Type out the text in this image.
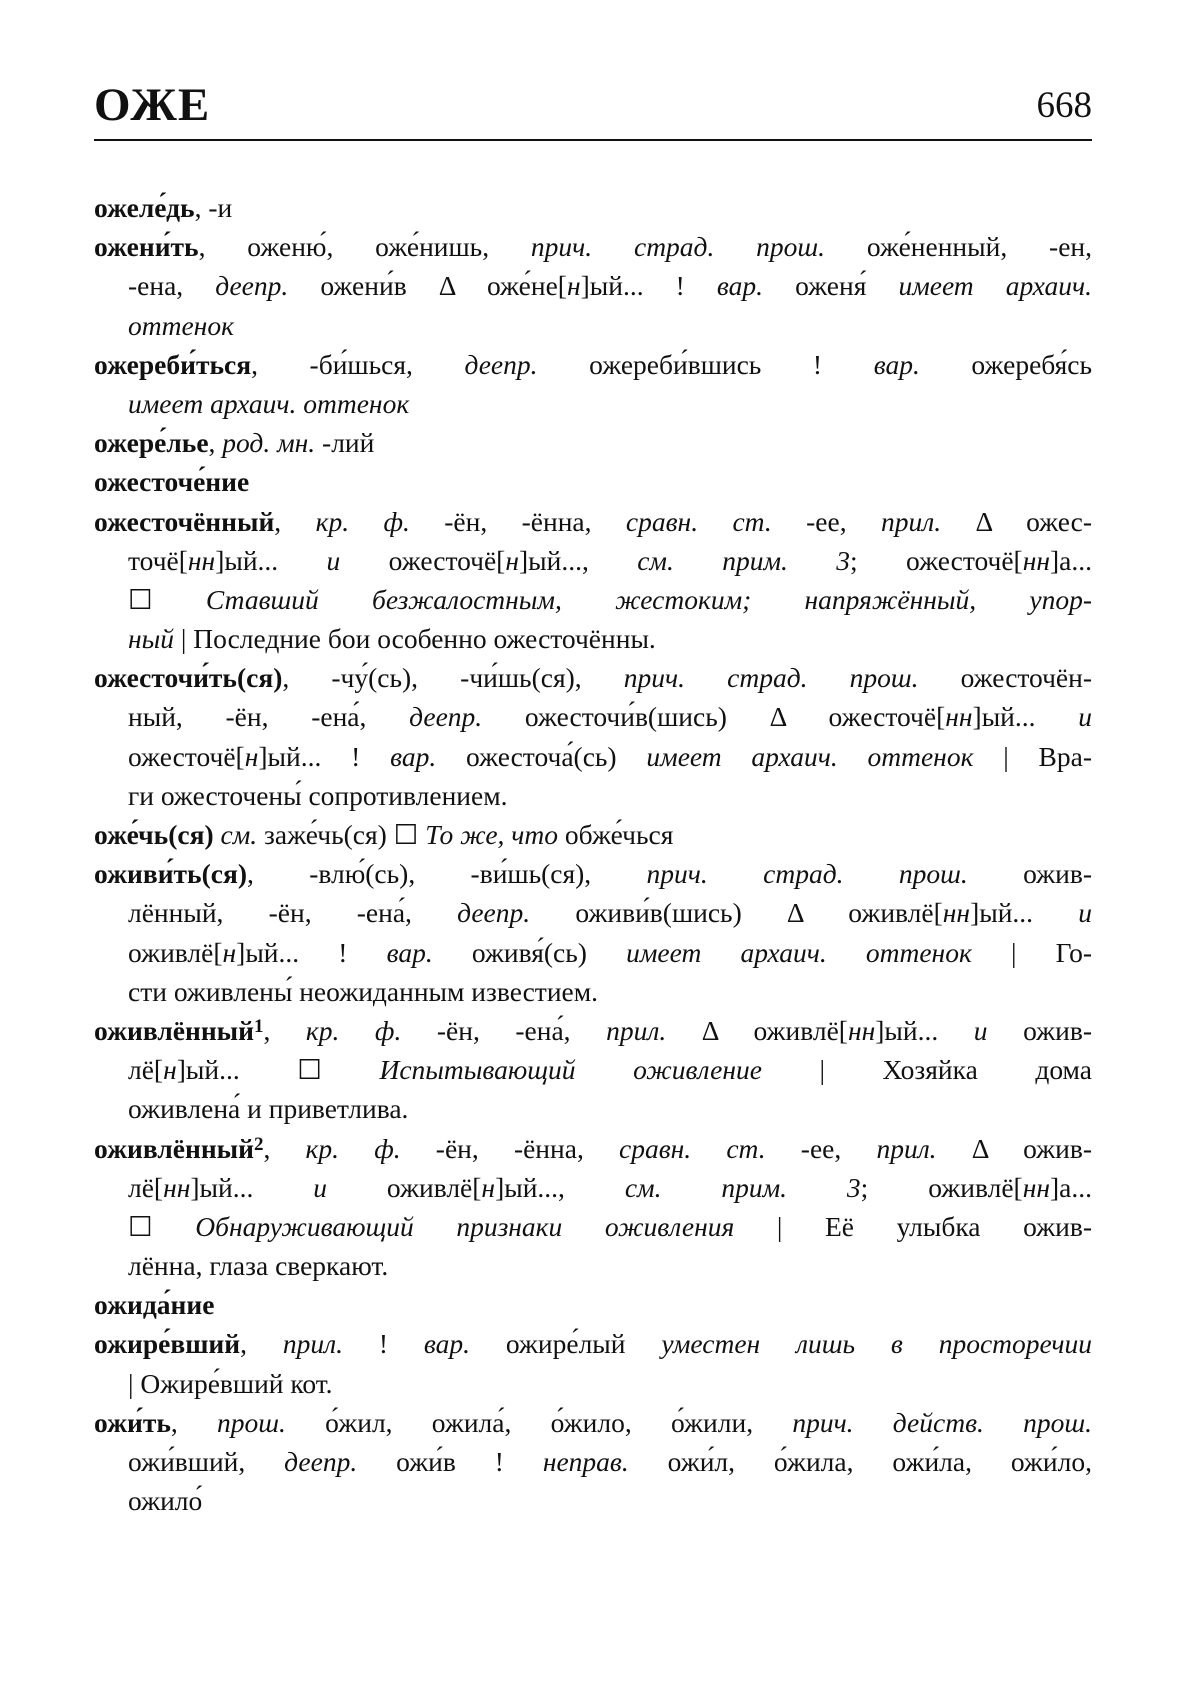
ОЖЕ	668
ожеле́дь, -и
ожени́ть, оженю́, оже́нишь, прич. страд. прош. оже́ненный, -ен,
-ена, деепр. ожени́в Δ оже́не[н]ый... ! вар. оженя́ имеет архаич.
оттенок
ожереби́ться, -би́шься, деепр. ожереби́вшись ! вар. ожеребя́сь
имеет архаич. оттенок
ожере́лье, род. мн. -лий
ожесточе́ние
ожесточённый, кр. ф. -ён, -ённа, сравн. ст. -ее, прил. Δ ожес-
точё[нн]ый... и ожесточё[н]ый..., см. прим. 3; ожесточё[нн]а...
☐ Ставший безжалостным, жестоким; напряжённый, упор-
ный | Последние бои особенно ожесточённы.
ожесточи́ть(ся), -чу́(сь), -чи́шь(ся), прич. страд. прош. ожесточён-
ный, -ён, -ена́, деепр. ожесточи́в(шись) Δ ожесточё[нн]ый... и
ожесточё[н]ый... ! вар. ожесточа́(сь) имеет архаич. оттенок | Вра-
ги ожесточены́ сопротивлением.
оже́чь(ся) см. заже́чь(ся) ☐ То же, что обже́чься
оживи́ть(ся), -влю́(сь), -ви́шь(ся), прич. страд. прош. ожив-
лённый, -ён, -ена́, деепр. оживи́в(шись) Δ оживлё[нн]ый... и
оживлё[н]ый... ! вар. оживя́(сь) имеет архаич. оттенок | Го-
сти оживлены́ неожиданным известием.
оживлённый$^1$, кр. ф. -ён, -ена́, прил. Δ оживлё[нн]ый... и ожив-
лё[н]ый... ☐ Испытывающий оживление | Хозяйка дома
оживлена́ и приветлива.
оживлённый$^2$, кр. ф. -ён, -ённа, сравн. ст. -ее, прил. Δ ожив-
лё[нн]ый... и оживлё[н]ый..., см. прим. 3; оживлё[нн]а...
☐ Обнаруживающий признаки оживления | Её улыбка ожив-
лённа, глаза сверкают.
ожида́ние
ожире́вший, прил. ! вар. ожире́лый уместен лишь в просторечии
| Ожире́вший кот.
ожи́ть, прош. о́жил, ожила́, о́жило, о́жили, прич. действ. прош.
ожи́вший, деепр. ожи́в ! неправ. ожи́л, о́жила, ожи́ла, ожи́ло,
ожило́
